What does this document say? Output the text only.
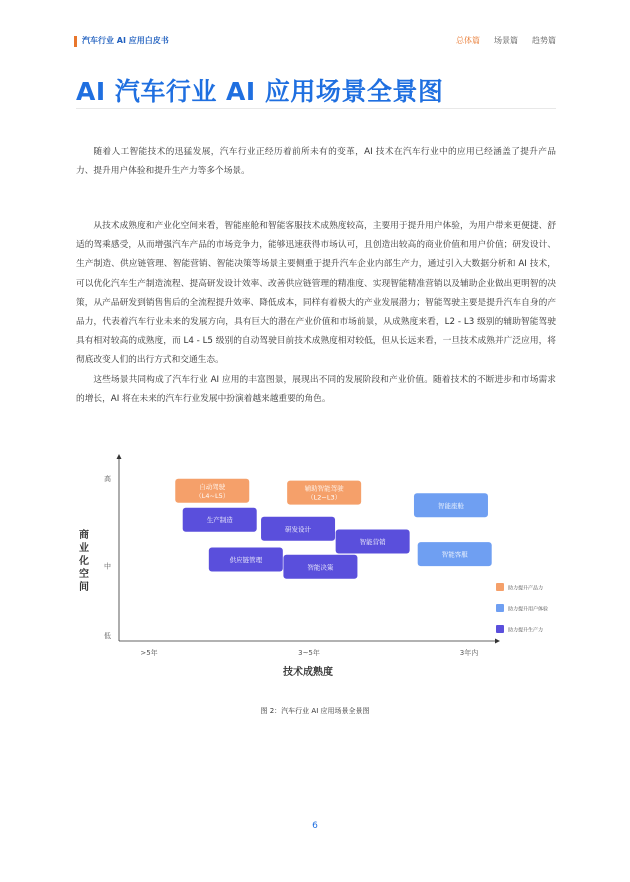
汽车行业 AI 应用白皮书	总体篇 场景篇 趋势篇
AI 汽车行业 AI 应用场景全景图

随着人工智能技术的迅猛发展，汽车行业正经历着前所未有的变革，AI 技术在汽车行业中的应用已经涵盖了提升产品力、提升用户体验和提升生产力等多个场景。

从技术成熟度和产业化空间来看，智能座舱和智能客服技术成熟度较高，主要用于提升用户体验，为用户带来更便捷、舒适的驾乘感受，从而增强汽车产品的市场竞争力，能够迅速获得市场认可，且创造出较高的商业价值和用户价值；研发设计、生产制造、供应链管理、智能营销、智能决策等场景主要侧重于提升汽车企业内部生产力，通过引入大数据分析和 AI 技术，可以优化汽车生产制造流程、提高研发设计效率、改善供应链管理的精准度、实现智能精准营销以及辅助企业做出更明智的决策，从产品研发到销售售后的全流程提升效率、降低成本，同样有着极大的产业发展潜力；智能驾驶主要是提升汽车自身的产品力，代表着汽车行业未来的发展方向，具有巨大的潜在产业价值和市场前景，从成熟度来看，L2 - L3 级别的辅助智能驾驶具有相对较高的成熟度，而 L4 - L5 级别的自动驾驶目前技术成熟度相对较低，但从长远来看，一旦技术成熟并广泛应用，将彻底改变人们的出行方式和交通生态。

这些场景共同构成了汽车行业 AI 应用的丰富图景，展现出不同的发展阶段和产业价值。随着技术的不断进步和市场需求的增长，AI 将在未来的汽车行业发展中扮演着越来越重要的角色。

>5年	3~5年	3年内
高
中
低
自动驾驶
（L4~L5）
辅助智能驾驶
（L2~L3）
智能座舱
生产制造
研发设计
智能营销
智能客服
供应链管理
智能决策
助力提升产品力
助力提升用户体验
助力提升生产力
技术成熟度
商业化空间
图 2：汽车行业 AI 应用场景全景图
6
